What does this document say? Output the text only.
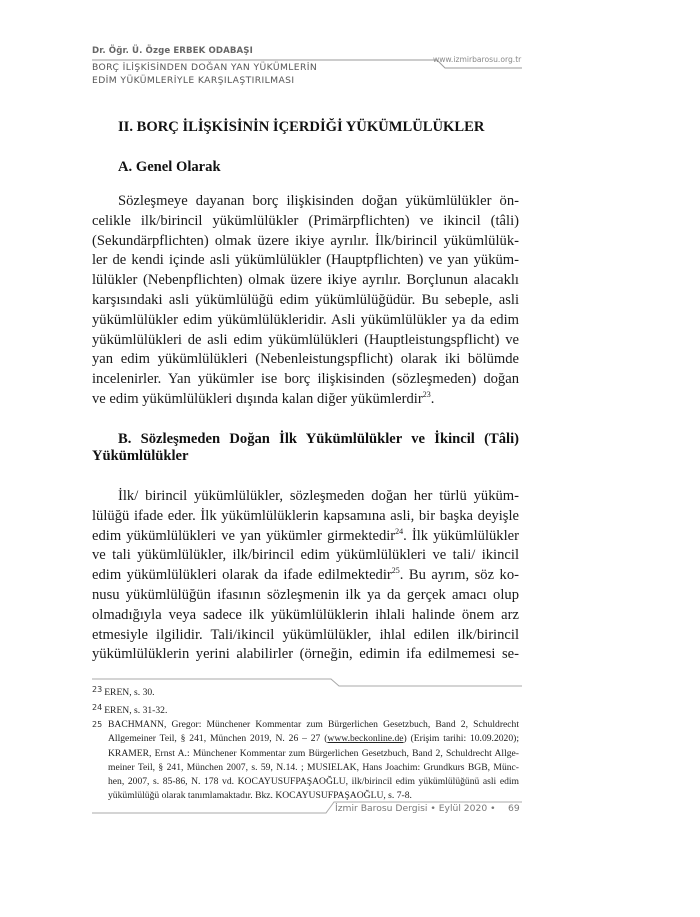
Dr. Öğr. Ü. Özge ERBEK ODABAŞI
BORÇ İLİŞKİSİNDEN DOĞAN YAN YÜKÜMLERİN
EDİM YÜKÜMLERİYLE KARŞILAŞTIRILMASI
www.izmirbarosu.org.tr
II. BORÇ İLİŞKİSİNİN İÇERDİĞİ YÜKÜMLÜLÜKLER
A. Genel Olarak
Sözleşmeye dayanan borç ilişkisinden doğan yükümlülükler ön-
celikle ilk/birincil yükümlülükler (Primärpflichten) ve ikincil (tâli)
(Sekundärpflichten) olmak üzere ikiye ayrılır. İlk/birincil yükümlülük-
ler de kendi içinde asli yükümlülükler (Hauptpflichten) ve yan yüküm-
lülükler (Nebenpflichten) olmak üzere ikiye ayrılır. Borçlunun alacaklı
karşısındaki asli yükümlülüğü edim yükümlülüğüdür. Bu sebeple, asli
yükümlülükler edim yükümlülükleridir. Asli yükümlülükler ya da edim
yükümlülükleri de asli edim yükümlülükleri (Hauptleistungspflicht) ve
yan edim yükümlülükleri (Nebenleistungspflicht) olarak iki bölümde
incelenirler. Yan yükümler ise borç ilişkisinden (sözleşmeden) doğan
ve edim yükümlülükleri dışında kalan diğer yükümlerdir$^{23}$.
B. Sözleşmeden Doğan İlk Yükümlülükler ve İkincil (Tâli)
Yükümlülükler
İlk/ birincil yükümlülükler, sözleşmeden doğan her türlü yüküm-
lülüğü ifade eder. İlk yükümlülüklerin kapsamına asli, bir başka deyişle
edim yükümlülükleri ve yan yükümler girmektedir$^{24}$. İlk yükümlülükler
ve tali yükümlülükler, ilk/birincil edim yükümlülükleri ve tali/ ikincil
edim yükümlülükleri olarak da ifade edilmektedir$^{25}$. Bu ayrım, söz ko-
nusu yükümlülüğün ifasının sözleşmenin ilk ya da gerçek amacı olup
olmadığıyla veya sadece ilk yükümlülüklerin ihlali halinde önem arz
etmesiyle ilgilidir. Tali/ikincil yükümlülükler, ihlal edilen ilk/birincil
yükümlülüklerin yerini alabilirler (örneğin, edimin ifa edilmemesi se-
$^{23}$ EREN, s. 30.
$^{24}$ EREN, s. 31-32.
25 BACHMANN, Gregor: Münchener Kommentar zum Bürgerlichen Gesetzbuch, Band 2, Schuldrecht
Allgemeiner Teil, § 241, München 2019, N. 26 – 27 (www.beckonline.de) (Erişim tarihi: 10.09.2020);
KRAMER, Ernst A.: Münchener Kommentar zum Bürgerlichen Gesetzbuch, Band 2, Schuldrecht Allge-
meiner Teil, § 241, München 2007, s. 59, N.14. ; MUSIELAK, Hans Joachim: Grundkurs BGB, Münc-
hen, 2007, s. 85-86, N. 178 vd. KOCAYUSUFPAŞAOĞLU, ilk/birincil edim yükümlülüğünü asli edim
yükümlülüğü olarak tanımlamaktadır. Bkz. KOCAYUSUFPAŞAOĞLU, s. 7-8.
İzmir Barosu Dergisi • Eylül 2020 • 69
